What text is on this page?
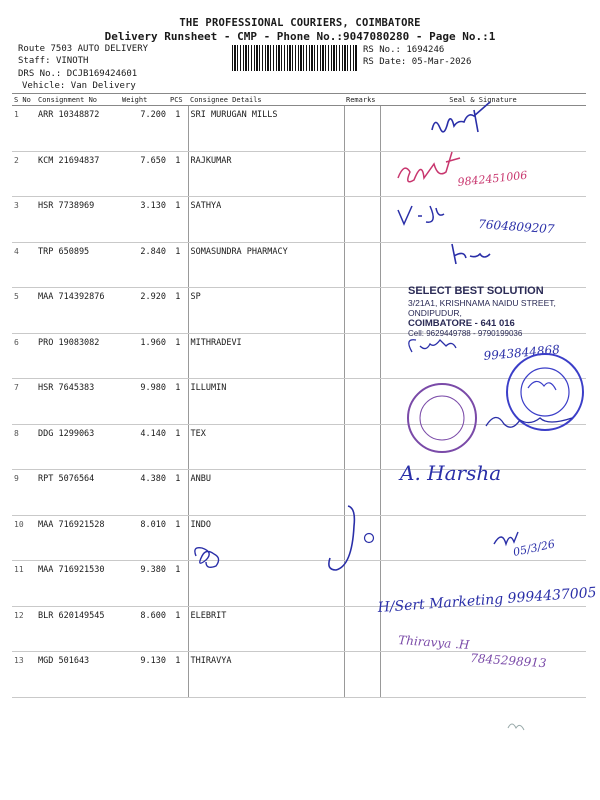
THE PROFESSIONAL COURIERS, COIMBATORE
Delivery Runsheet - CMP - Phone No.:9047080280 - Page No.:1
Route 7503 AUTO DELIVERY
Staff: VINOTH
DRS No.: DCJB169424601
Vehicle: Van Delivery
RS No.: 1694246
RS Date: 05-Mar-2026
S No	Consignment No	Weight	PCS	Consignee Details	Remarks	Seal & Signature
1	ARR 10348872	7.200	1	SRI MURUGAN MILLS		
2	KCM 21694837	7.650	1	RAJKUMAR		
3	HSR 7738969	3.130	1	SATHYA		
4	TRP 650895	2.840	1	SOMASUNDRA PHARMACY		
5	MAA 714392876	2.920	1	SP		
6	PRO 19083082	1.960	1	MITHRADEVI		
7	HSR 7645383	9.980	1	ILLUMIN		
8	DDG 1299063	4.140	1	TEX		
9	RPT 5076564	4.380	1	ANBU		
10	MAA 716921528	8.010	1	INDO		
11	MAA 716921530	9.380	1			
12	BLR 620149545	8.600	1	ELEBRIT		
13	MGD 501643	9.130	1	THIRAVYA		
9842451006
7604809207
SELECT BEST SOLUTION
3/21A1, KRISHNAMA NAIDU STREET,
ONDIPUDUR,
COIMBATORE - 641 016
Cell: 9629449788 - 9790199036
9943844868
A. Harsha
05/3/26
H/Sert Marketing 9994437005
Thiravya .H
7845298913
